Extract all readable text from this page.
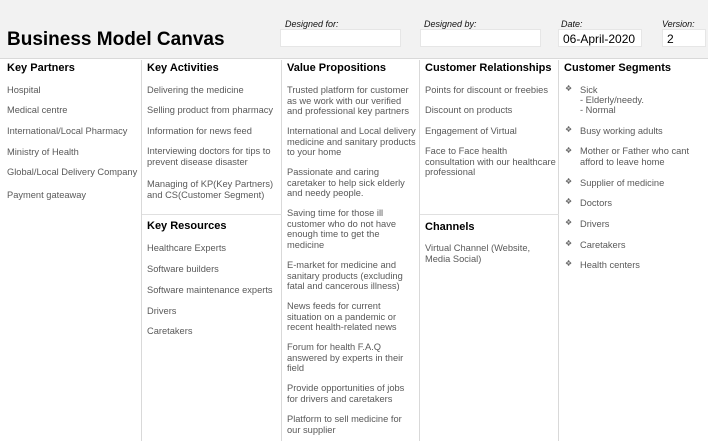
Business Model Canvas
Designed for:	Designed by:	Date:
06-April-2020
Version:
2
Key Partners
Hospital
Medical centre
International/Local Pharmacy
Ministry of Health
Global/Local Delivery Company
Payment gateaway
Key Activities
Delivering the medicine
Selling product from pharmacy
Information for news feed
Interviewing doctors for tips to prevent disease disaster
Managing of KP(Key Partners) and CS(Customer Segment)
Key Resources
Healthcare Experts
Software builders
Software maintenance experts
Drivers
Caretakers
Value Propositions
Trusted platform for customer as we work with our verified and professional key partners
International and Local delivery medicine and sanitary products to your home
Passionate and caring caretaker to help sick elderly and needy people.
Saving time for those ill customer who do not have enough time to get the medicine
E-market for medicine and sanitary products (excluding fatal and cancerous illness)
News feeds for current situation on a pandemic or recent health-related news
Forum for health F.A.Q answered by experts in their field
Provide opportunities of jobs for drivers and caretakers
Platform to sell medicine for our supplier
Customer Relationships
Points for discount or freebies
Discount on products
Engagement of Virtual
Face to Face health consultation with our healthcare professional
Channels
Virtual Channel (Website, Media Social)
Customer Segments
❖ Sick
- Elderly/needy.
- Normal
❖ Busy working adults
❖ Mother or Father who cant afford to leave home
❖ Supplier of medicine
❖ Doctors
❖ Drivers
❖ Caretakers
❖ Health centers
